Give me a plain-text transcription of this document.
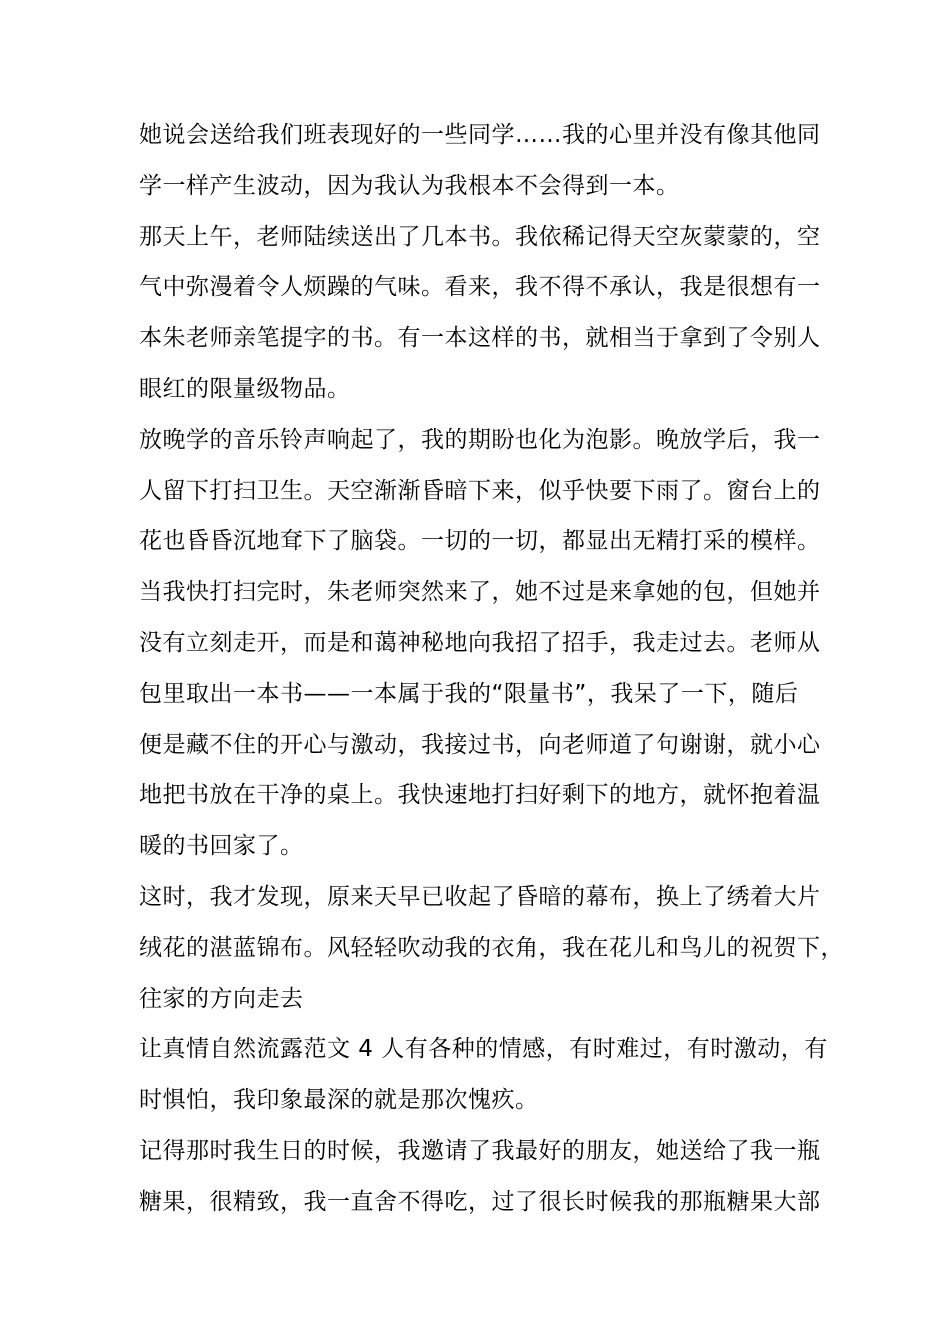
她说会送给我们班表现好的一些同学……我的心里并没有像其他同
学一样产生波动，因为我认为我根本不会得到一本。
那天上午，老师陆续送出了几本书。我依稀记得天空灰蒙蒙的，空
气中弥漫着令人烦躁的气味。看来，我不得不承认，我是很想有一
本朱老师亲笔提字的书。有一本这样的书，就相当于拿到了令别人
眼红的限量级物品。
放晚学的音乐铃声响起了，我的期盼也化为泡影。晚放学后，我一
人留下打扫卫生。天空渐渐昏暗下来，似乎快要下雨了。窗台上的
花也昏昏沉地耷下了脑袋。一切的一切，都显出无精打采的模样。
当我快打扫完时，朱老师突然来了，她不过是来拿她的包，但她并
没有立刻走开，而是和蔼神秘地向我招了招手，我走过去。老师从
包里取出一本书——一本属于我的“限量书”，我呆了一下，随后
便是藏不住的开心与激动，我接过书，向老师道了句谢谢，就小心
地把书放在干净的桌上。我快速地打扫好剩下的地方，就怀抱着温
暖的书回家了。
这时，我才发现，原来天早已收起了昏暗的幕布，换上了绣着大片
绒花的湛蓝锦布。风轻轻吹动我的衣角，我在花儿和鸟儿的祝贺下，
往家的方向走去
让真情自然流露范文 4 人有各种的情感，有时难过，有时激动，有
时惧怕，我印象最深的就是那次愧疚。
记得那时我生日的时候，我邀请了我最好的朋友，她送给了我一瓶
糖果，很精致，我一直舍不得吃，过了很长时候我的那瓶糖果大部
